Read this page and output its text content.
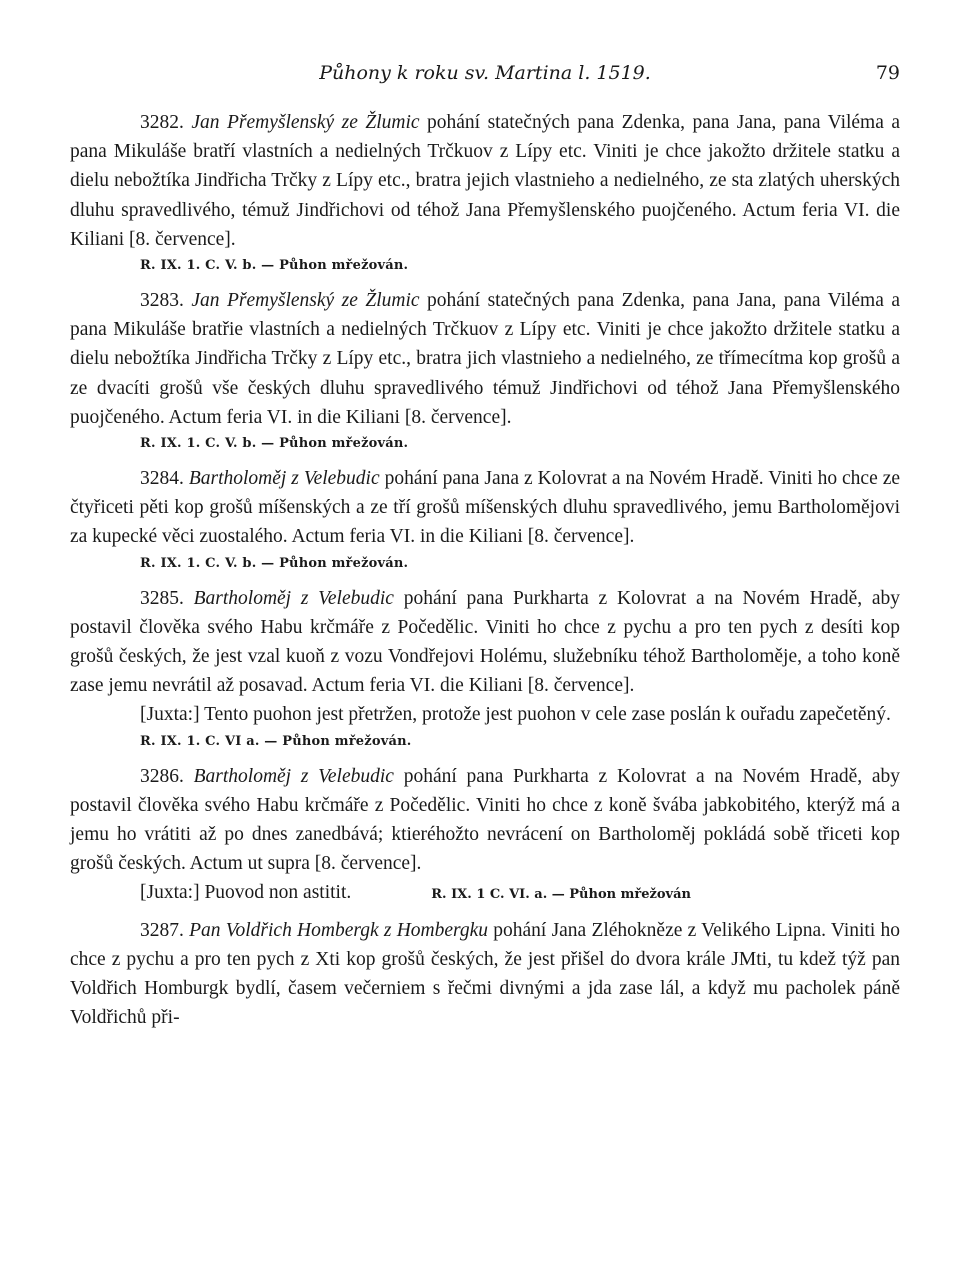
Půhony k roku sv. Martina l. 1519.	79

3282. Jan Přemyšlenský ze Žlumic pohání statečných pana Zdenka, pana Jana, pana Viléma a pana Mikuláše bratří vlastních a nedielných Trčkuov z Lípy etc. Viniti je chce jakožto držitele statku a dielu nebožtíka Jindřicha Trčky z Lípy etc., bratra jejich vlastnieho a nedielného, ze sta zlatých uherských dluhu spravedlivého, témuž Jindřichovi od téhož Jana Přemyšlenského puojčeného. Actum feria VI. die Kiliani [8. července].

R. IX. 1. C. V. b. — Půhon mřežován.

3283. Jan Přemyšlenský ze Žlumic pohání statečných pana Zdenka, pana Jana, pana Viléma a pana Mikuláše bratřie vlastních a nedielných Trčkuov z Lípy etc. Viniti je chce jakožto držitele statku a dielu nebožtíka Jindřicha Trčky z Lípy etc., bratra jich vlastnieho a nedielného, ze třímecítma kop grošů a ze dvacíti grošů vše českých dluhu spravedlivého témuž Jindřichovi od téhož Jana Přemyšlenského puojčeného. Actum feria VI. in die Kiliani [8. července].

R. IX. 1. C. V. b. — Půhon mřežován.

3284. Bartholoměj z Velebudic pohání pana Jana z Kolovrat a na Novém Hradě. Viniti ho chce ze čtyřiceti pěti kop grošů míšenských a ze tří grošů míšenských dluhu spravedlivého, jemu Bartholomějovi za kupecké věci zuostalého. Actum feria VI. in die Kiliani [8. července].

R. IX. 1. C. V. b. — Půhon mřežován.

3285. Bartholoměj z Velebudic pohání pana Purkharta z Kolovrat a na Novém Hradě, aby postavil člověka svého Habu krčmáře z Počedělic. Viniti ho chce z pychu a pro ten pych z desíti kop grošů českých, že jest vzal kuoň z vozu Vondřejovi Holému, služebníku téhož Bartholoměje, a toho koně zase jemu nevrátil až posavad. Actum feria VI. die Kiliani [8. července].

[Juxta:] Tento puohon jest přetržen, protože jest puohon v cele zase poslán k ouřadu zapečetěný.

R. IX. 1. C. VI a. — Půhon mřežován.

3286. Bartholoměj z Velebudic pohání pana Purkharta z Kolovrat a na Novém Hradě, aby postavil člověka svého Habu krčmáře z Počedělic. Viniti ho chce z koně švába jabkobitého, kterýž má a jemu ho vrátiti až po dnes zanedbává; ktieréhožto nevrácení on Bartholoměj pokládá sobě třiceti kop grošů českých. Actum ut supra [8. července].

[Juxta:] Puovod non astitit.	R. IX. 1 C. VI. a. — Půhon mřežován

3287. Pan Voldřich Hombergk z Hombergku pohání Jana Zléhokněze z Velikého Lipna. Viniti ho chce z pychu a pro ten pych z Xti kop grošů českých, že jest přišel do dvora krále JMti, tu kdež týž pan Voldřich Homburgk bydlí, časem večerniem s řečmi divnými a jda zase lál, a když mu pacholek páně Voldřichů při-
